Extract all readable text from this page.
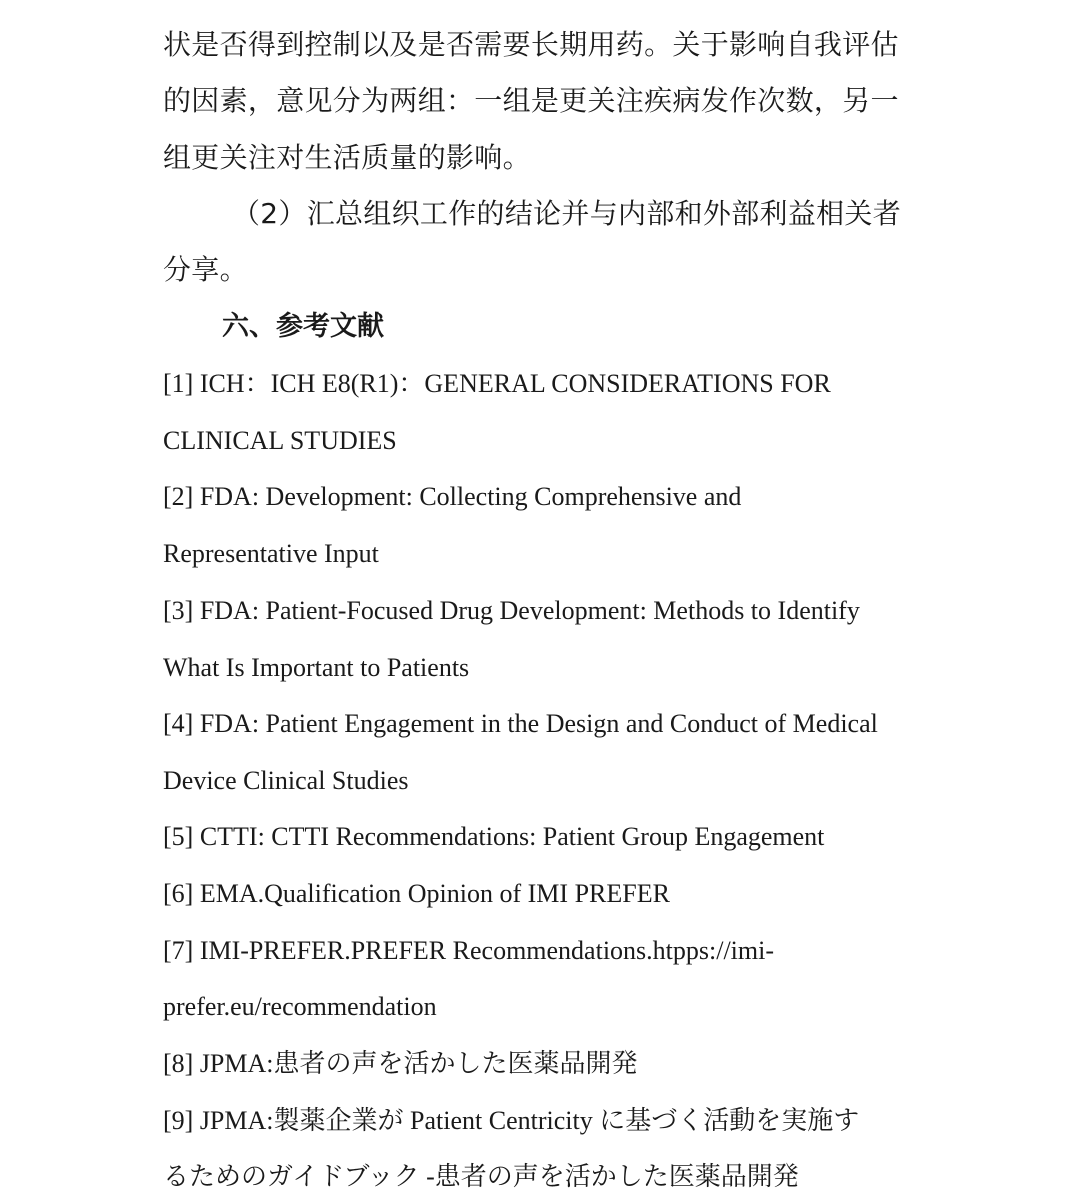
状是否得到控制以及是否需要长期用药。关于影响自我评估
的因素，意见分为两组：一组是更关注疾病发作次数，另一
组更关注对生活质量的影响。
（2）汇总组织工作的结论并与内部和外部利益相关者
分享。
六、参考文献
[1] ICH：ICH E8(R1)：GENERAL CONSIDERATIONS FOR
CLINICAL STUDIES
[2] FDA: Development: Collecting Comprehensive and
Representative Input
[3] FDA: Patient-Focused Drug Development: Methods to Identify
What Is Important to Patients
[4] FDA: Patient Engagement in the Design and Conduct of Medical
Device Clinical Studies
[5] CTTI: CTTI Recommendations: Patient Group Engagement
[6] EMA.Qualification Opinion of IMI PREFER
[7] IMI-PREFER.PREFER Recommendations.htpps://imi-
prefer.eu/recommendation
[8] JPMA:患者の声を活かした医薬品開発
[9] JPMA:製薬企業が Patient Centricity に基づく活動を実施す
るためのガイドブック -患者の声を活かした医薬品開発
